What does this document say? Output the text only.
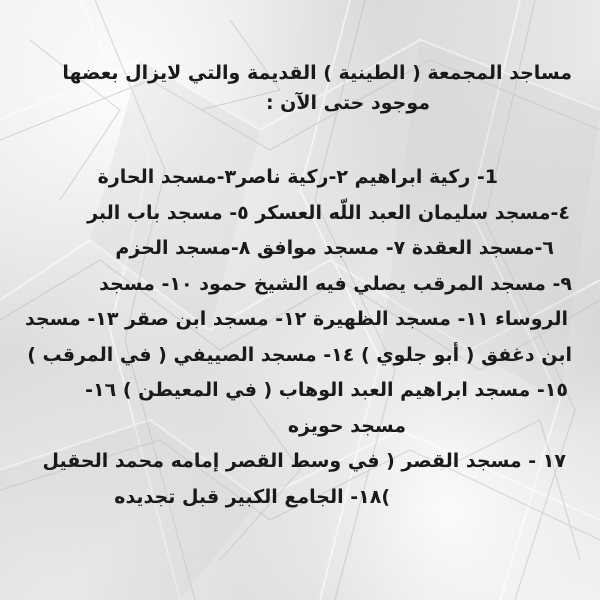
مساجد المجمعة ( الطينية ) القديمة والتي لايزال بعضها
موجود حتى الآن :
1- ركية ابراهيم ٢-ركية ناصر٣-مسجد الحارة
٤-مسجد سليمان العبد اللّه العسكر ٥- مسجد باب البر
٦-مسجد العقدة ٧- مسجد موافق ٨-مسجد الحزم
٩- مسجد المرقب يصلي فيه الشيخ حمود ١٠- مسجد
الروساء ١١- مسجد الظهيرة ١٢- مسجد ابن صقر ١٣- مسجد
ابن دغفق ( أبو جلوي ) ١٤- مسجد الصييفي ( في المرقب )
١٥- مسجد ابراهيم العبد الوهاب ( في المعيطن ) ١٦-
مسجد حويزه
١٧ - مسجد القصر ( في وسط القصر إمامه محمد الحقيل
)١٨- الجامع الكبير قبل تجديده
